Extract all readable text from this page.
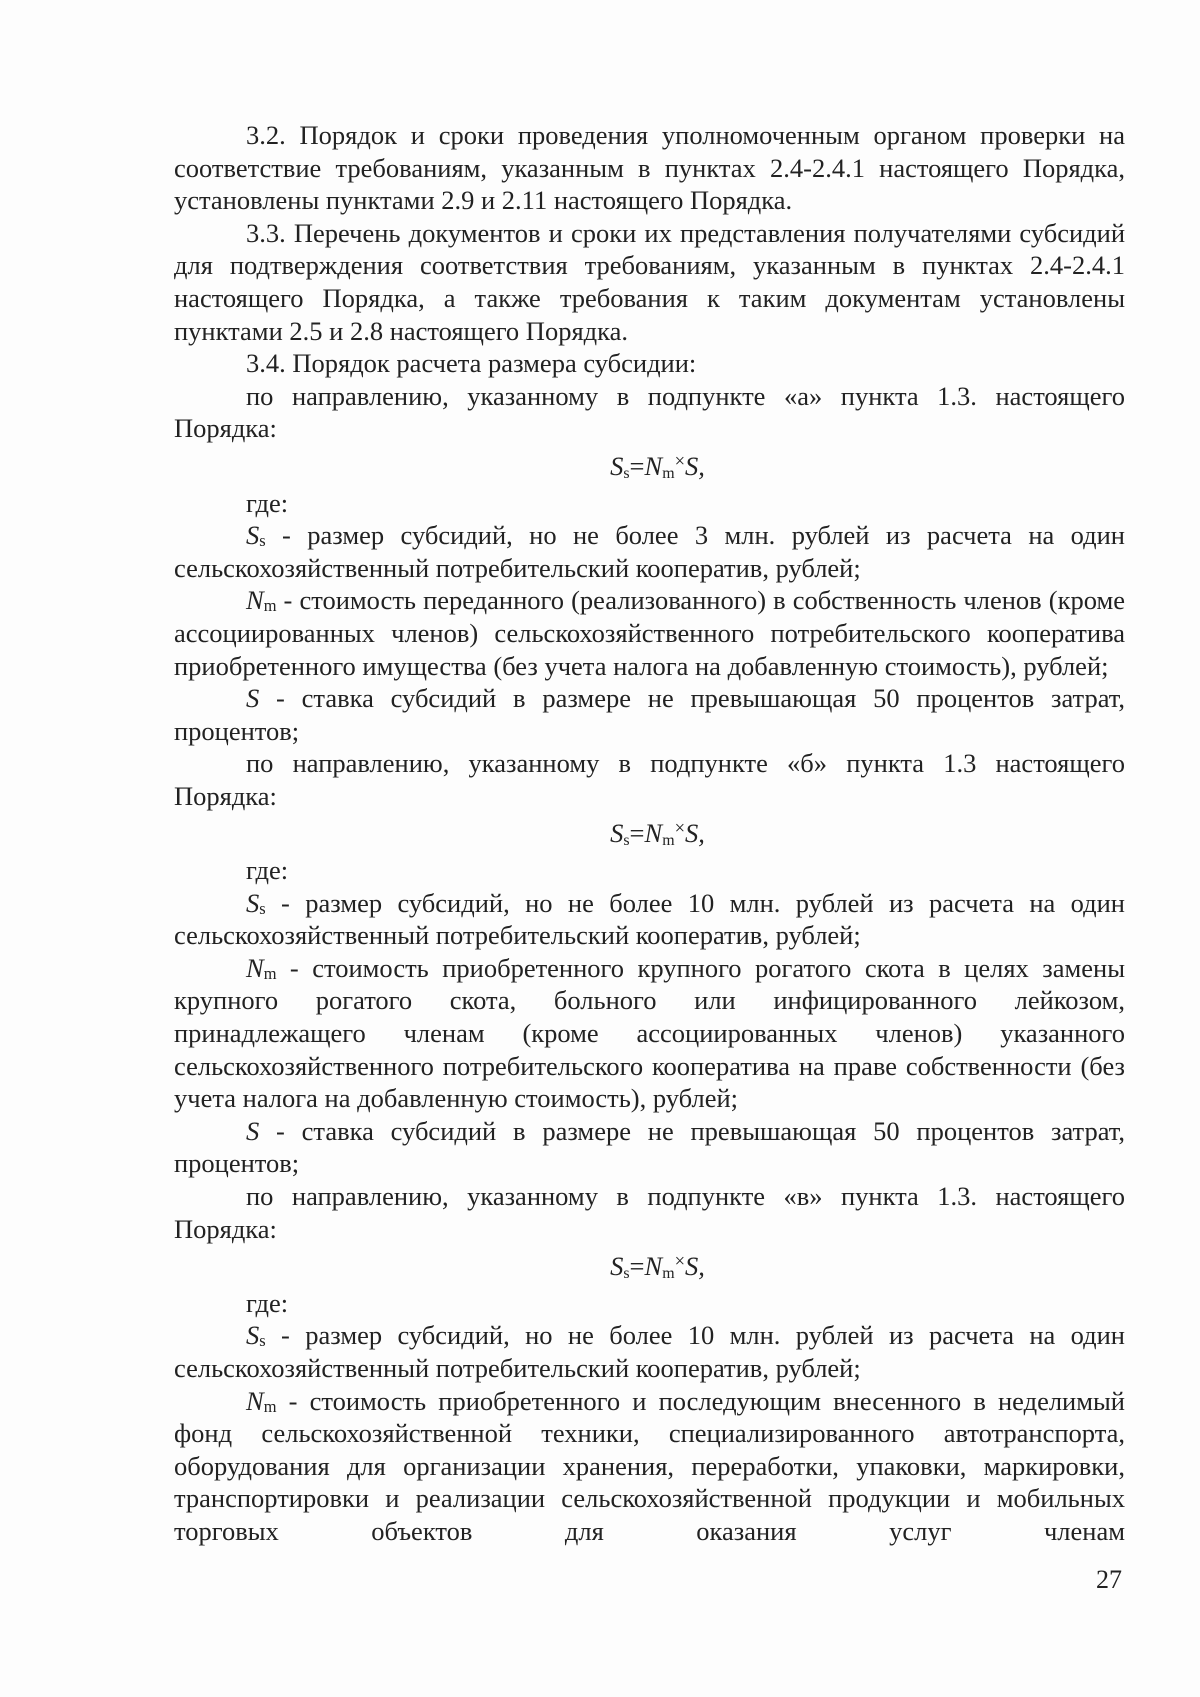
3.2. Порядок и сроки проведения уполномоченным органом проверки на соответствие требованиям, указанным в пунктах 2.4-2.4.1 настоящего Порядка, установлены пунктами 2.9 и 2.11 настоящего Порядка.

3.3. Перечень документов и сроки их представления получателями субсидий для подтверждения соответствия требованиям, указанным в пунктах 2.4-2.4.1 настоящего Порядка, а также требования к таким документам установлены пунктами 2.5 и 2.8 настоящего Порядка.

3.4. Порядок расчета размера субсидии:

по направлению, указанному в подпункте «а» пункта 1.3. настоящего Порядка:

$S_s=N_m^\times S$,

где:

$S_s$ - размер субсидий, но не более 3 млн. рублей из расчета на один сельскохозяйственный потребительский кооператив, рублей;

$N_m$ - стоимость переданного (реализованного) в собственность членов (кроме ассоциированных членов) сельскохозяйственного потребительского кооператива приобретенного имущества (без учета налога на добавленную стоимость), рублей;

S - ставка субсидий в размере не превышающая 50 процентов затрат, процентов;

по направлению, указанному в подпункте «б» пункта 1.3 настоящего Порядка:

$S_s=N_m^\times S$,

где:

$S_s$ - размер субсидий, но не более 10 млн. рублей из расчета на один сельскохозяйственный потребительский кооператив, рублей;

$N_m$ - стоимость приобретенного крупного рогатого скота в целях замены крупного рогатого скота, больного или инфицированного лейкозом, принадлежащего членам (кроме ассоциированных членов) указанного сельскохозяйственного потребительского кооператива на праве собственности (без учета налога на добавленную стоимость), рублей;

S - ставка субсидий в размере не превышающая 50 процентов затрат, процентов;

по направлению, указанному в подпункте «в» пункта 1.3. настоящего Порядка:

$S_s=N_m^\times S$,

где:

$S_s$ - размер субсидий, но не более 10 млн. рублей из расчета на один сельскохозяйственный потребительский кооператив, рублей;

$N_m$ - стоимость приобретенного и последующим внесенного в неделимый фонд сельскохозяйственной техники, специализированного автотранспорта, оборудования для организации хранения, переработки, упаковки, маркировки, транспортировки и реализации сельскохозяйственной продукции и мобильных торговых объектов для оказания услуг членам

27
